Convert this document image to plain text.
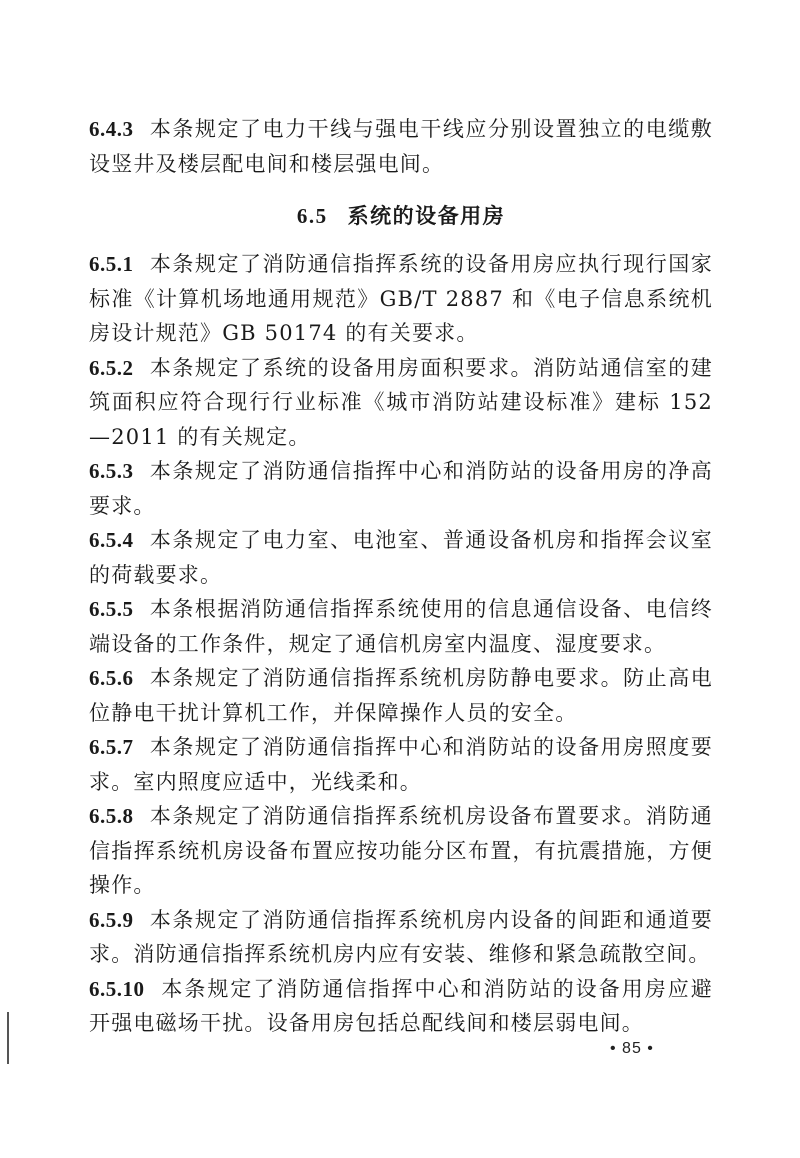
6.4.3 本条规定了电力干线与强电干线应分别设置独立的电缆敷设竖井及楼层配电间和楼层强电间。

6.5 系统的设备用房

6.5.1 本条规定了消防通信指挥系统的设备用房应执行现行国家标准《计算机场地通用规范》GB/T 2887 和《电子信息系统机房设计规范》GB 50174 的有关要求。

6.5.2 本条规定了系统的设备用房面积要求。消防站通信室的建筑面积应符合现行行业标准《城市消防站建设标准》建标 152—2011 的有关规定。

6.5.3 本条规定了消防通信指挥中心和消防站的设备用房的净高要求。

6.5.4 本条规定了电力室、电池室、普通设备机房和指挥会议室的荷载要求。

6.5.5 本条根据消防通信指挥系统使用的信息通信设备、电信终端设备的工作条件，规定了通信机房室内温度、湿度要求。

6.5.6 本条规定了消防通信指挥系统机房防静电要求。防止高电位静电干扰计算机工作，并保障操作人员的安全。

6.5.7 本条规定了消防通信指挥中心和消防站的设备用房照度要求。室内照度应适中，光线柔和。

6.5.8 本条规定了消防通信指挥系统机房设备布置要求。消防通信指挥系统机房设备布置应按功能分区布置，有抗震措施，方便操作。

6.5.9 本条规定了消防通信指挥系统机房内设备的间距和通道要求。消防通信指挥系统机房内应有安装、维修和紧急疏散空间。

6.5.10 本条规定了消防通信指挥中心和消防站的设备用房应避开强电磁场干扰。设备用房包括总配线间和楼层弱电间。

• 85 •
